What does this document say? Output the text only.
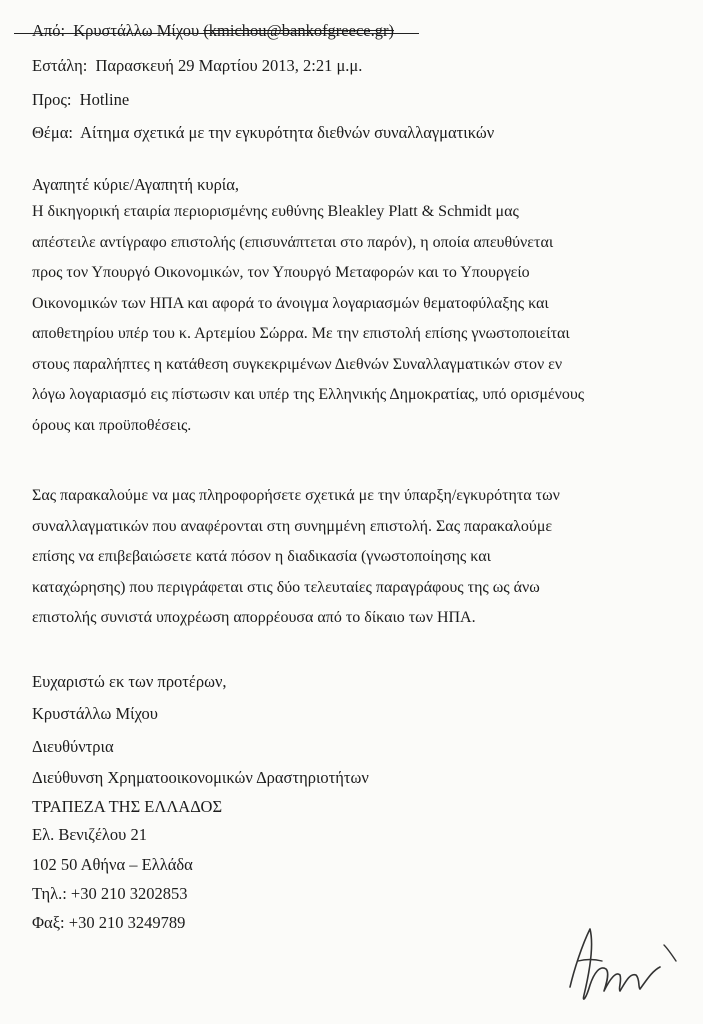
Από: Κρυστάλλω Μίχου (kmichou@bankofgreece.gr)
Εστάλη: Παρασκευή 29 Μαρτίου 2013, 2:21 μ.μ.
Προς: Hotline
Θέμα: Αίτημα σχετικά με την εγκυρότητα διεθνών συναλλαγματικών
Αγαπητέ κύριε/Αγαπητή κυρία,
Η δικηγορική εταιρία περιορισμένης ευθύνης Bleakley Platt & Schmidt μας
απέστειλε αντίγραφο επιστολής (επισυνάπτεται στο παρόν), η οποία απευθύνεται
προς τον Υπουργό Οικονομικών, τον Υπουργό Μεταφορών και το Υπουργείο
Οικονομικών των ΗΠΑ και αφορά το άνοιγμα λογαριασμών θεματοφύλαξης και
αποθετηρίου υπέρ του κ. Αρτεμίου Σώρρα. Με την επιστολή επίσης γνωστοποιείται
στους παραλήπτες η κατάθεση συγκεκριμένων Διεθνών Συναλλαγματικών στον εν
λόγω λογαριασμό εις πίστωσιν και υπέρ της Ελληνικής Δημοκρατίας, υπό ορισμένους
όρους και προϋποθέσεις.
Σας παρακαλούμε να μας πληροφορήσετε σχετικά με την ύπαρξη/εγκυρότητα των
συναλλαγματικών που αναφέρονται στη συνημμένη επιστολή. Σας παρακαλούμε
επίσης να επιβεβαιώσετε κατά πόσον η διαδικασία (γνωστοποίησης και
καταχώρησης) που περιγράφεται στις δύο τελευταίες παραγράφους της ως άνω
επιστολής συνιστά υποχρέωση απορρέουσα από το δίκαιο των ΗΠΑ.
Ευχαριστώ εκ των προτέρων,
Κρυστάλλω Μίχου
Διευθύντρια
Διεύθυνση Χρηματοοικονομικών Δραστηριοτήτων
ΤΡΑΠΕΖΑ ΤΗΣ ΕΛΛΑΔΟΣ
Ελ. Βενιζέλου 21
102 50 Αθήνα – Ελλάδα
Τηλ.: +30 210 3202853
Φαξ: +30 210 3249789
